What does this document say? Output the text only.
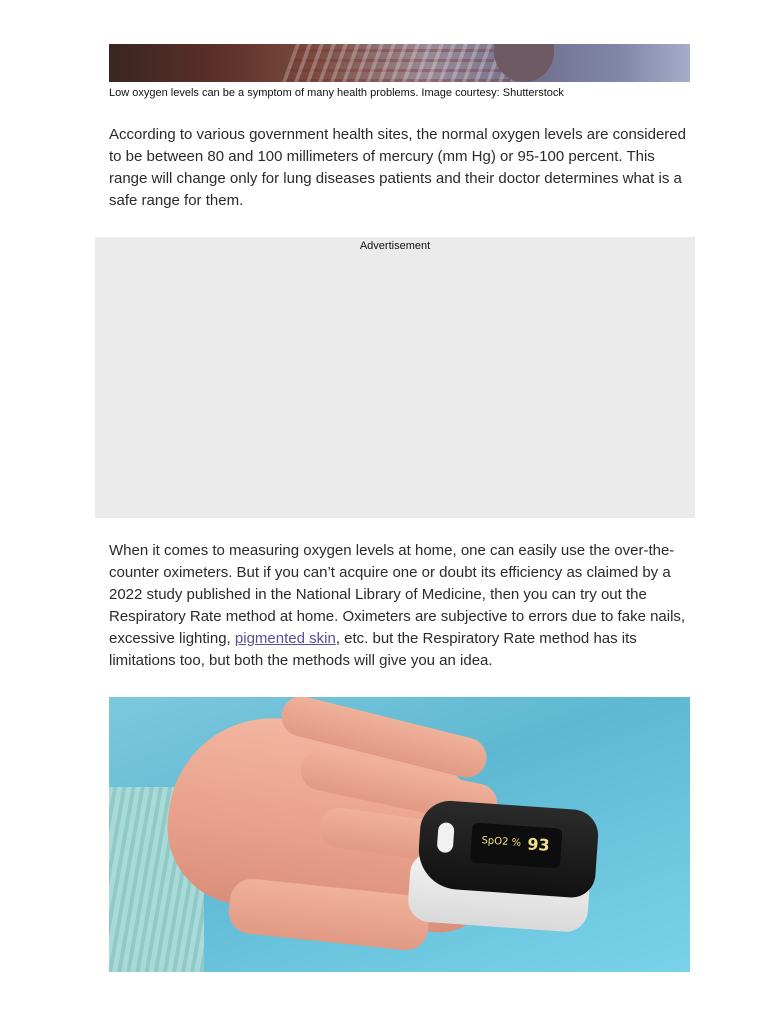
Low oxygen levels can be a symptom of many health problems. Image courtesy: Shutterstock

According to various government health sites, the normal oxygen levels are considered to be between 80 and 100 millimeters of mercury (mm Hg) or 95-100 percent. This range will change only for lung diseases patients and their doctor determines what is a safe range for them.

Advertisement

When it comes to measuring oxygen levels at home, one can easily use the over-the-counter oximeters. But if you can’t acquire one or doubt its efficiency as claimed by a 2022 study published in the National Library of Medicine, then you can try out the Respiratory Rate method at home. Oximeters are subjective to errors due to fake nails, excessive lighting, pigmented skin, etc. but the Respiratory Rate method has its limitations too, but both the methods will give you an idea.

SpO2 % 93
